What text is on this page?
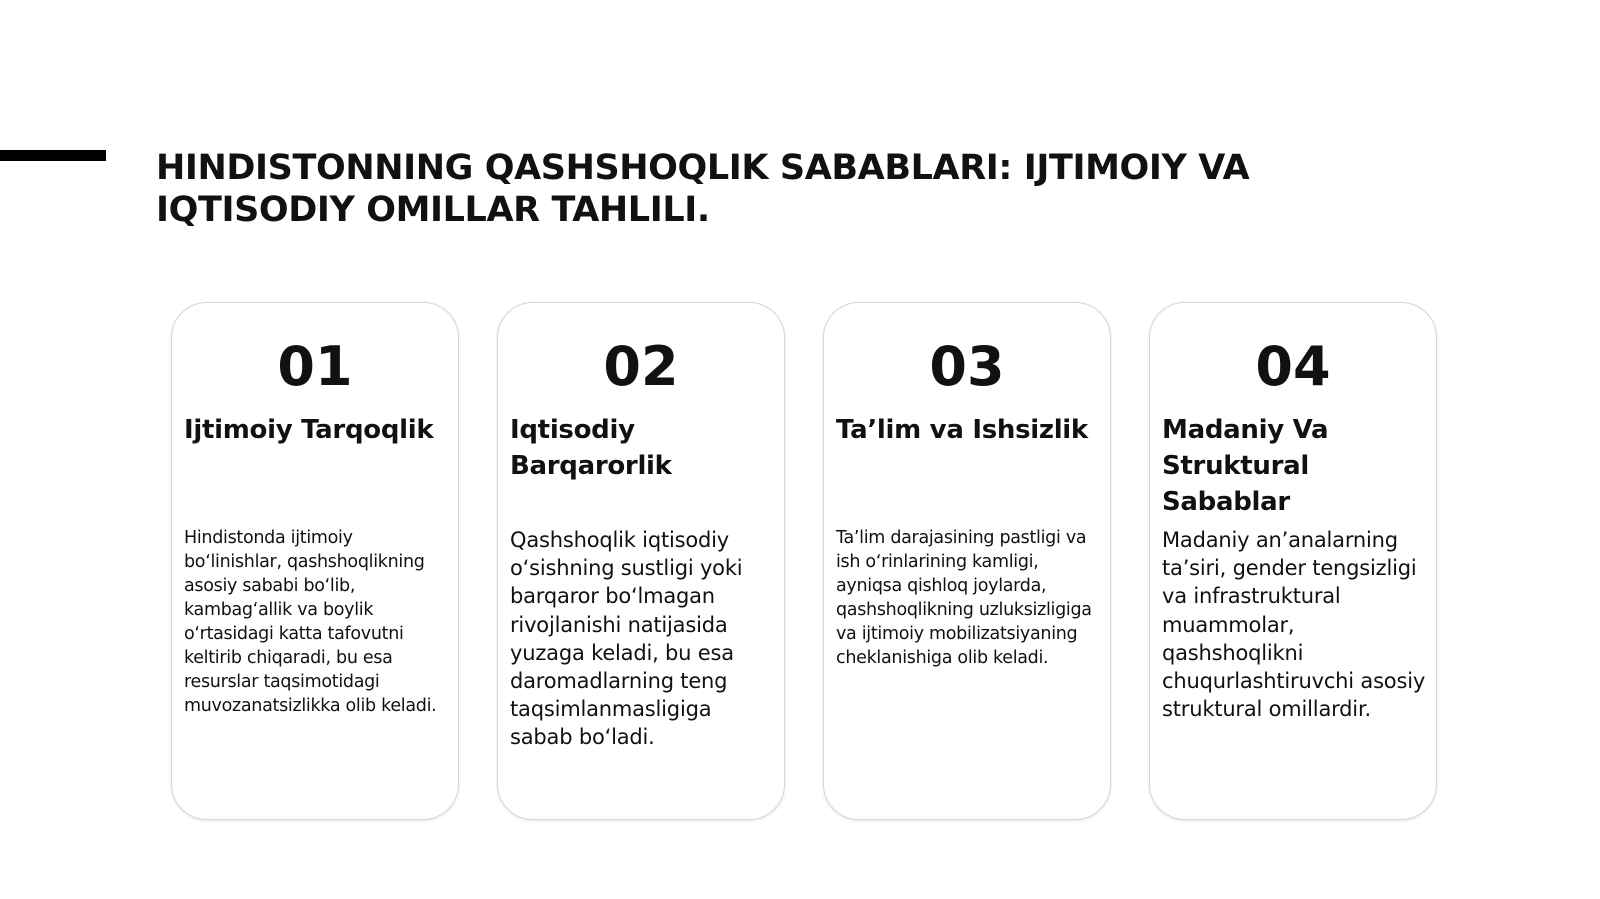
HINDISTONNING QASHSHOQLIK SABABLARI: IJTIMOIY VA IQTISODIY OMILLAR TAHLILI.
01
Ijtimoiy Tarqoqlik
Hindistonda ijtimoiy bo‘linishlar, qashshoqlikning asosiy sababi bo‘lib, kambag‘allik va boylik o‘rtasidagi katta tafovutni keltirib chiqaradi, bu esa resurslar taqsimotidagi muvozanatsizlikka olib keladi.
02
Iqtisodiy Barqarorlik
Qashshoqlik iqtisodiy o‘sishning sustligi yoki barqaror bo‘lmagan rivojlanishi natijasida yuzaga keladi, bu esa daromadlarning teng taqsimlanmasligiga sabab bo‘ladi.
03
Ta’lim va Ishsizlik
Ta’lim darajasining pastligi va ish o‘rinlarining kamligi, ayniqsa qishloq joylarda, qashshoqlikning uzluksizligiga va ijtimoiy mobilizatsiyaning cheklanishiga olib keladi.
04
Madaniy Va Struktural Sabablar
Madaniy an’analarning ta’siri, gender tengsizligi va infrastruktural muammolar, qashshoqlikni chuqurlashtiruvchi asosiy struktural omillardir.
